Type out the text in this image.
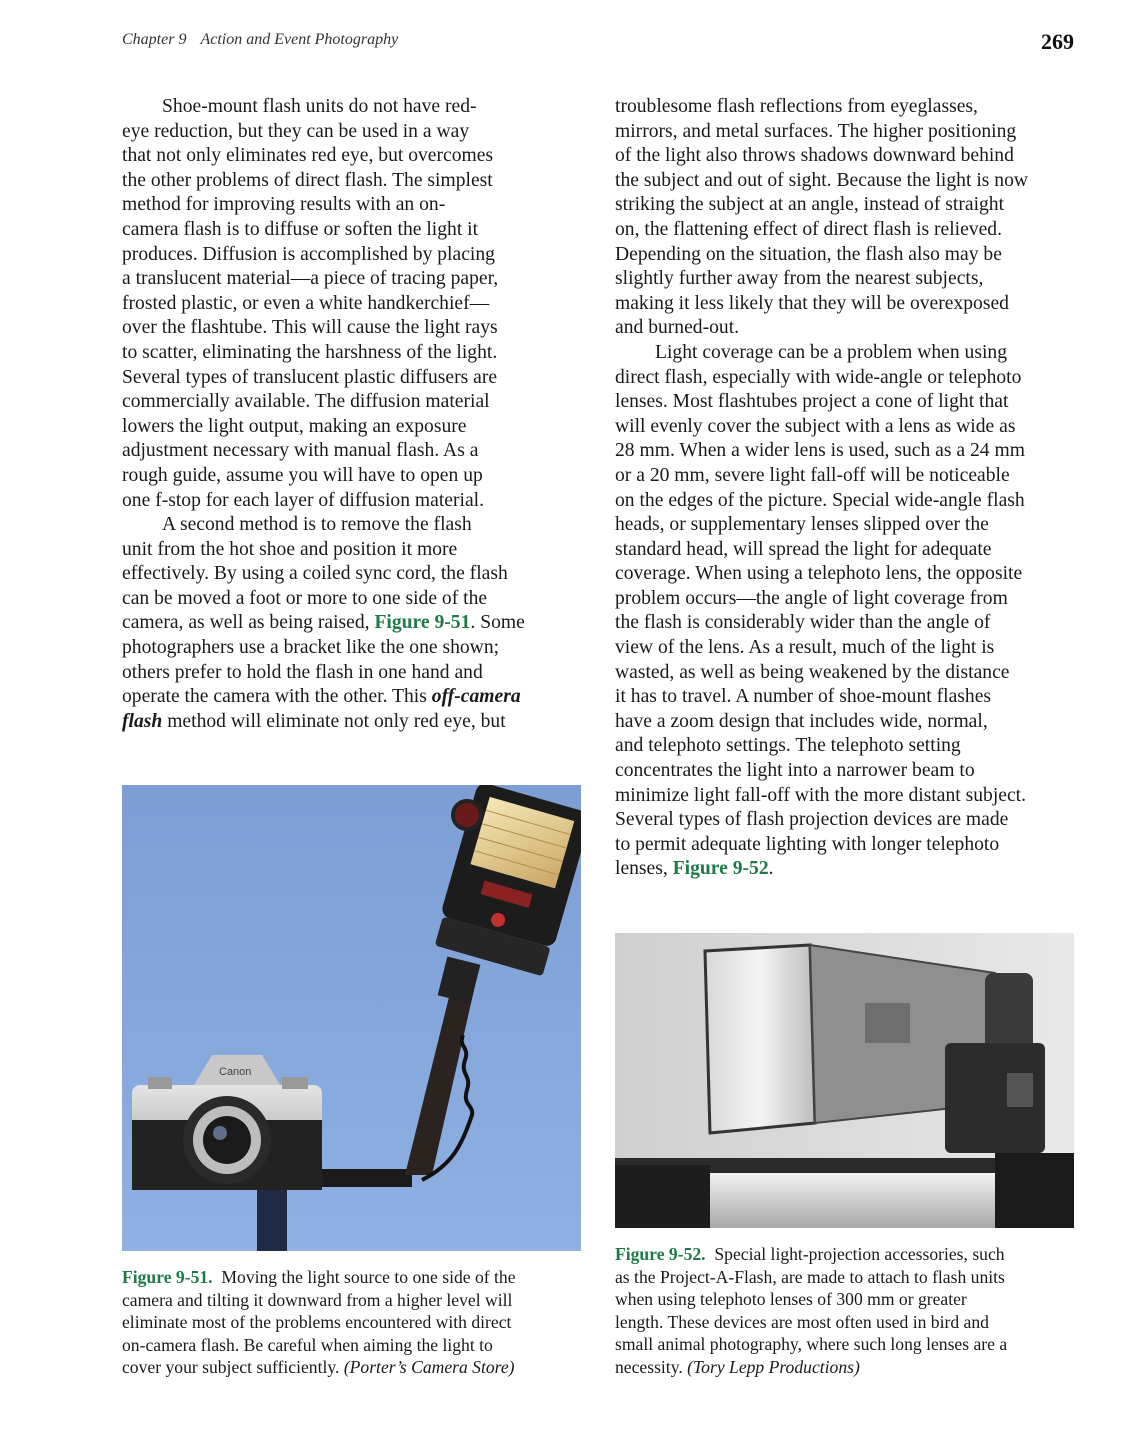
Chapter 9 Action and Event Photography	269

Shoe-mount flash units do not have red-
eye reduction, but they can be used in a way
that not only eliminates red eye, but overcomes
the other problems of direct flash. The simplest
method for improving results with an on-
camera flash is to diffuse or soften the light it
produces. Diffusion is accomplished by placing
a translucent material—a piece of tracing paper,
frosted plastic, or even a white handkerchief—
over the flashtube. This will cause the light rays
to scatter, eliminating the harshness of the light.
Several types of translucent plastic diffusers are
commercially available. The diffusion material
lowers the light output, making an exposure
adjustment necessary with manual flash. As a
rough guide, assume you will have to open up
one f-stop for each layer of diffusion material.

A second method is to remove the flash
unit from the hot shoe and position it more
effectively. By using a coiled sync cord, the flash
can be moved a foot or more to one side of the
camera, as well as being raised, Figure 9-51. Some
photographers use a bracket like the one shown;
others prefer to hold the flash in one hand and
operate the camera with the other. This off-camera
flash method will eliminate not only red eye, but

Canon
Figure 9-51. Moving the light source to one side of the
camera and tilting it downward from a higher level will
eliminate most of the problems encountered with direct
on-camera flash. Be careful when aiming the light to
cover your subject sufficiently. (Porter’s Camera Store)

troublesome flash reflections from eyeglasses,
mirrors, and metal surfaces. The higher positioning
of the light also throws shadows downward behind
the subject and out of sight. Because the light is now
striking the subject at an angle, instead of straight
on, the flattening effect of direct flash is relieved.
Depending on the situation, the flash also may be
slightly further away from the nearest subjects,
making it less likely that they will be overexposed
and burned-out.

Light coverage can be a problem when using
direct flash, especially with wide-angle or telephoto
lenses. Most flashtubes project a cone of light that
will evenly cover the subject with a lens as wide as
28 mm. When a wider lens is used, such as a 24 mm
or a 20 mm, severe light fall-off will be noticeable
on the edges of the picture. Special wide-angle flash
heads, or supplementary lenses slipped over the
standard head, will spread the light for adequate
coverage. When using a telephoto lens, the opposite
problem occurs—the angle of light coverage from
the flash is considerably wider than the angle of
view of the lens. As a result, much of the light is
wasted, as well as being weakened by the distance
it has to travel. A number of shoe-mount flashes
have a zoom design that includes wide, normal,
and telephoto settings. The telephoto setting
concentrates the light into a narrower beam to
minimize light fall-off with the more distant subject.
Several types of flash projection devices are made
to permit adequate lighting with longer telephoto
lenses, Figure 9-52.

Figure 9-52. Special light-projection accessories, such
as the Project-A-Flash, are made to attach to flash units
when using telephoto lenses of 300 mm or greater
length. These devices are most often used in bird and
small animal photography, where such long lenses are a
necessity. (Tory Lepp Productions)
